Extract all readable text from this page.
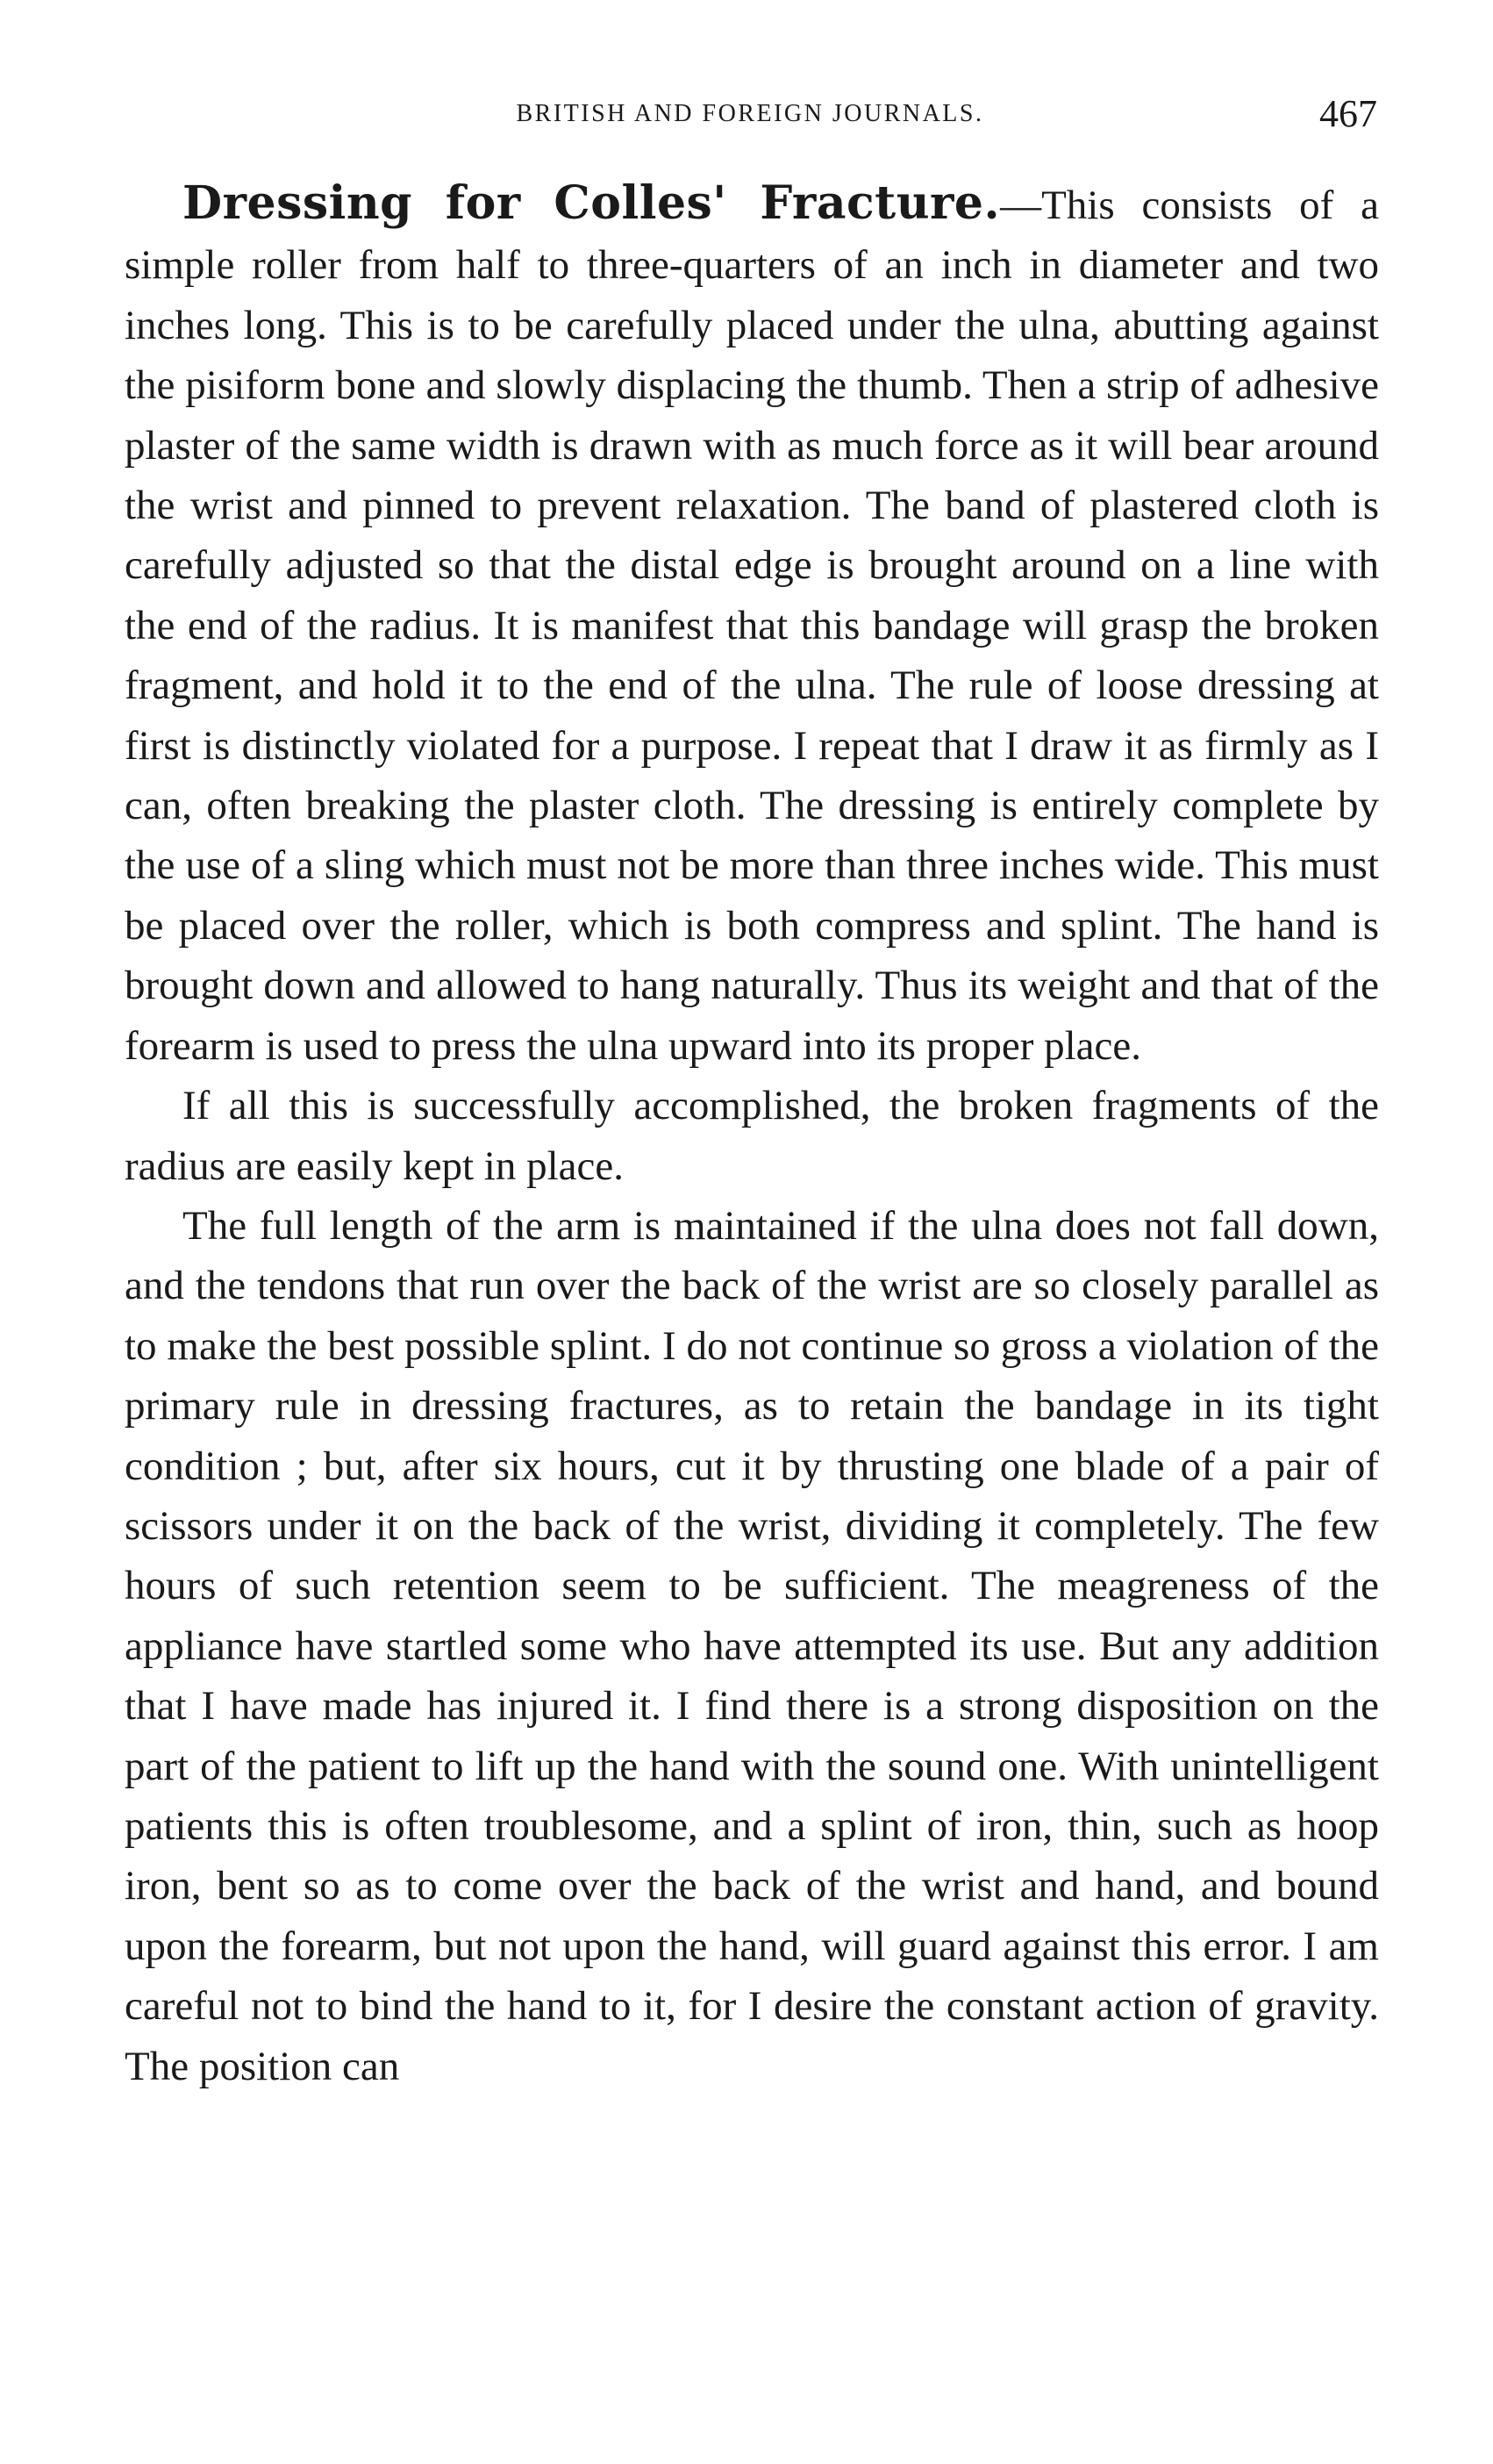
BRITISH AND FOREIGN JOURNALS.	467

Dressing for Colles' Fracture.—This consists of a simple roller from half to three-quarters of an inch in diameter and two inches long. This is to be carefully placed under the ulna, abutting against the pisiform bone and slowly displacing the thumb. Then a strip of adhesive plaster of the same width is drawn with as much force as it will bear around the wrist and pinned to prevent relaxation. The band of plastered cloth is carefully adjusted so that the distal edge is brought around on a line with the end of the radius. It is manifest that this bandage will grasp the broken fragment, and hold it to the end of the ulna. The rule of loose dressing at first is distinctly violated for a purpose. I repeat that I draw it as firmly as I can, often breaking the plaster cloth. The dressing is entirely complete by the use of a sling which must not be more than three inches wide. This must be placed over the roller, which is both compress and splint. The hand is brought down and allowed to hang naturally. Thus its weight and that of the forearm is used to press the ulna upward into its proper place.

If all this is successfully accomplished, the broken fragments of the radius are easily kept in place.

The full length of the arm is maintained if the ulna does not fall down, and the tendons that run over the back of the wrist are so closely parallel as to make the best possible splint. I do not continue so gross a violation of the primary rule in dressing fractures, as to retain the bandage in its tight condition ; but, after six hours, cut it by thrusting one blade of a pair of scissors under it on the back of the wrist, dividing it completely. The few hours of such retention seem to be sufficient. The meagreness of the appliance have startled some who have attempted its use. But any addition that I have made has injured it. I find there is a strong disposition on the part of the patient to lift up the hand with the sound one. With unintelligent patients this is often troublesome, and a splint of iron, thin, such as hoop iron, bent so as to come over the back of the wrist and hand, and bound upon the forearm, but not upon the hand, will guard against this error. I am careful not to bind the hand to it, for I desire the constant action of gravity. The position can
